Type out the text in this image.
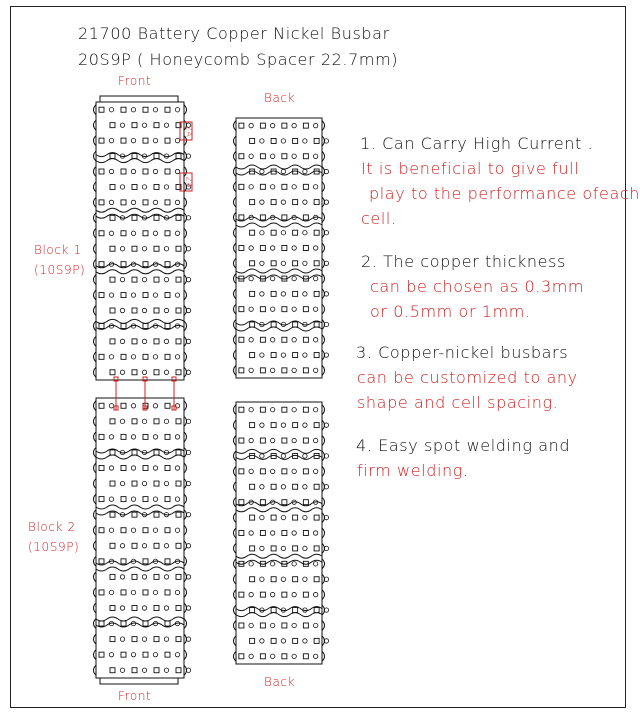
21700 Battery Copper Nickel Busbar
20S9P ( Honeycomb Spacer 22.7mm)
Front
Back
Front
Back
Block 1
(10S9P)
Block 2
(10S9P)
2A
2A
1. Can Carry High Current .
It is beneficial to give full
play to the performance ofeach
cell.
2. The copper thickness
can be chosen as 0.3mm
or 0.5mm or 1mm.
3. Copper-nickel busbars
can be customized to any
shape and cell spacing.
4. Easy spot welding and
firm welding.
